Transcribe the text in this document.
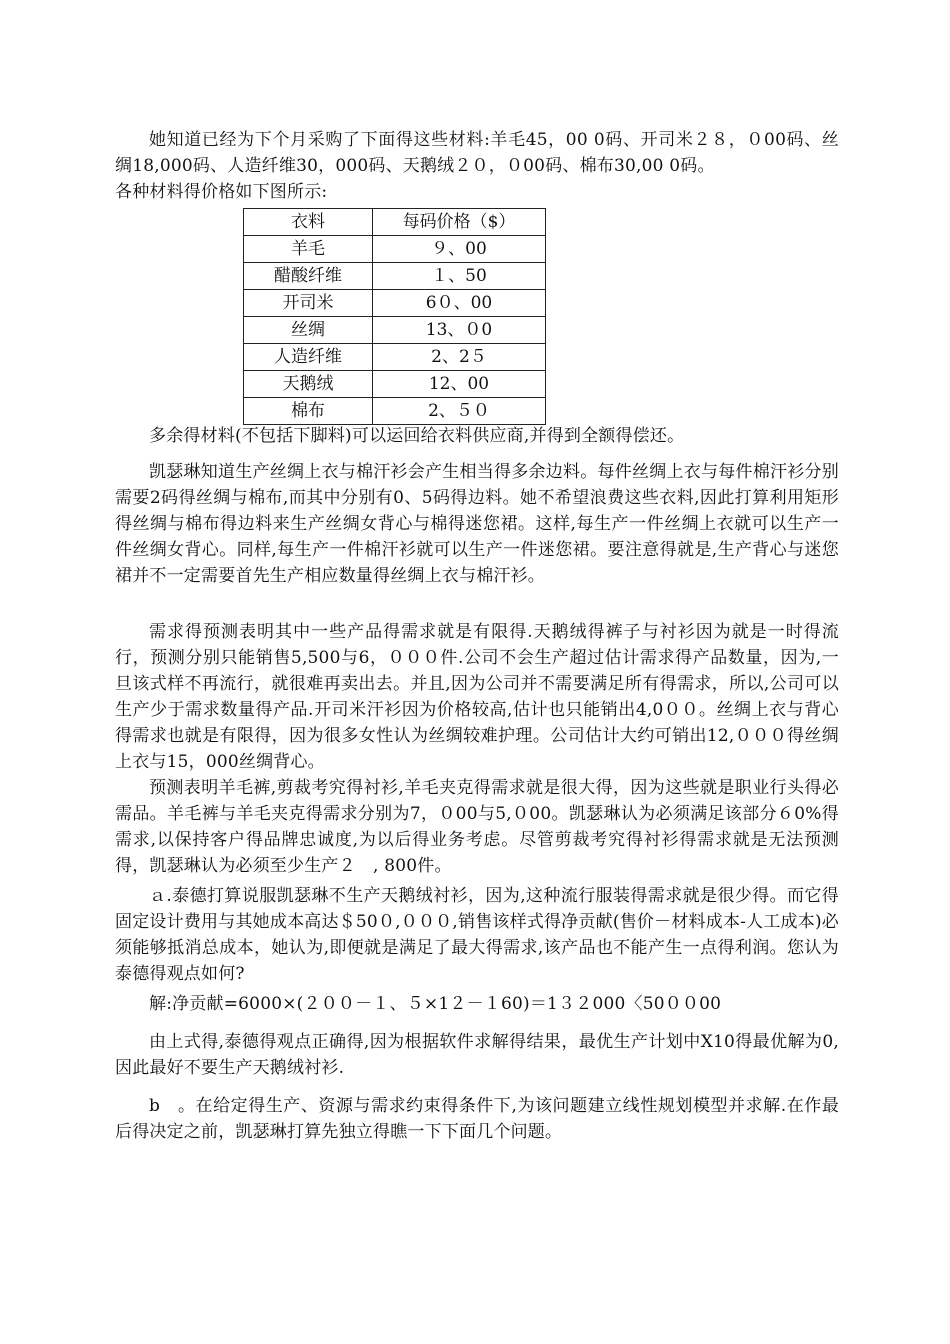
她知道已经为下个月采购了下面得这些材料:羊毛45，00 0码、开司米２８，０00码、丝绸18,000码、人造纤维30，000码、天鹅绒２０，０00码、棉布30,00 0码。

各种材料得价格如下图所示:

衣料	每码价格（$）
羊毛	９、00
醋酸纤维	１、50
开司米	6０、00
丝绸	13、０0
人造纤维	2、2５
天鹅绒	12、00
棉布	2、５０

多余得材料(不包括下脚料)可以运回给衣料供应商,并得到全额得偿还。

凯瑟琳知道生产丝绸上衣与棉汗衫会产生相当得多余边料。每件丝绸上衣与每件棉汗衫分别需要2码得丝绸与棉布,而其中分别有0、5码得边料。她不希望浪费这些衣料,因此打算利用矩形得丝绸与棉布得边料来生产丝绸女背心与棉得迷您裙。这样,每生产一件丝绸上衣就可以生产一件丝绸女背心。同样,每生产一件棉汗衫就可以生产一件迷您裙。要注意得就是,生产背心与迷您裙并不一定需要首先生产相应数量得丝绸上衣与棉汗衫。

需求得预测表明其中一些产品得需求就是有限得.天鹅绒得裤子与衬衫因为就是一时得流行，预测分别只能销售5,500与6，０００件.公司不会生产超过估计需求得产品数量，因为,一旦该式样不再流行，就很难再卖出去。并且,因为公司并不需要满足所有得需求，所以,公司可以生产少于需求数量得产品.开司米汗衫因为价格较高,估计也只能销出4,0００。丝绸上衣与背心得需求也就是有限得，因为很多女性认为丝绸较难护理。公司估计大约可销出12,０００得丝绸上衣与15，000丝绸背心。

预测表明羊毛裤,剪裁考究得衬衫,羊毛夹克得需求就是很大得，因为这些就是职业行头得必需品。羊毛裤与羊毛夹克得需求分别为7，０00与5,０00。凯瑟琳认为必须满足该部分６0%得需求,以保持客户得品牌忠诚度,为以后得业务考虑。尽管剪裁考究得衬衫得需求就是无法预测得，凯瑟琳认为必须至少生产２　, 800件。

ａ.泰德打算说服凯瑟琳不生产天鹅绒衬衫，因为,这种流行服装得需求就是很少得。而它得固定设计费用与其她成本高达＄50０,０００,销售该样式得净贡献(售价－材料成本-人工成本)必须能够抵消总成本，她认为,即便就是满足了最大得需求,该产品也不能产生一点得利润。您认为泰德得观点如何?

解:净贡献=6000×(２００－１、５×1２－１60)＝1３２000〈50００00

由上式得,泰德得观点正确得,因为根据软件求解得结果，最优生产计划中X10得最优解为0,因此最好不要生产天鹅绒衬衫.

b　。在给定得生产、资源与需求约束得条件下,为该问题建立线性规划模型并求解.在作最后得决定之前，凯瑟琳打算先独立得瞧一下下面几个问题。
